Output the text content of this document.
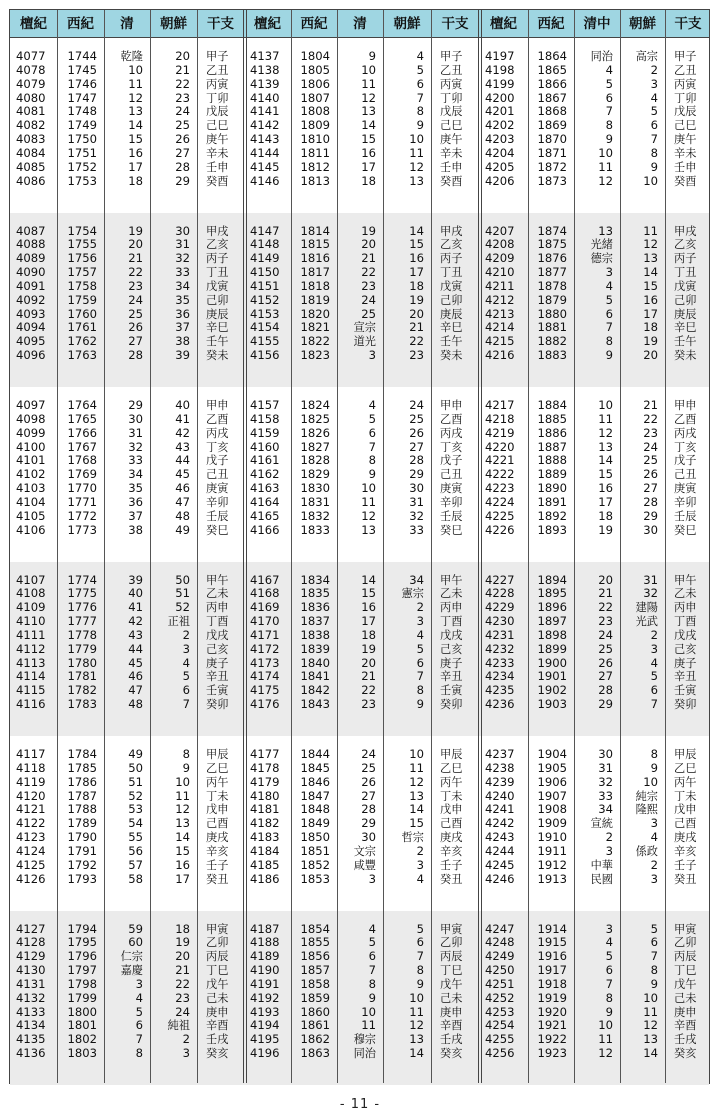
檀紀	西紀	清	朝鮮	干支	檀紀	西紀	清	朝鮮	干支	檀紀	西紀	清中	朝鮮	干支
4077	1744	乾隆	20 甲子
4078	1745	10	21 乙丑
4079	1746	11	22 丙寅
4080	1747	12	23 丁卯
4081	1748	13	24 戊辰
4082	1749	14	25 己巳
4083	1750	15	26 庚午
4084	1751	16	27 辛未
4085	1752	17	28 壬申
4086	1753	18	29 癸酉
4087	1754	19	30 甲戌
4088	1755	20	31 乙亥
4089	1756	21	32 丙子
4090	1757	22	33 丁丑
4091	1758	23	34 戊寅
4092	1759	24	35 己卯
4093	1760	25	36 庚辰
4094	1761	26	37 辛巳
4095	1762	27	38 壬午
4096	1763	28	39 癸未
4097	1764	29	40 甲申
4098	1765	30	41 乙酉
4099	1766	31	42 丙戌
4100	1767	32	43 丁亥
4101	1768	33	44 戊子
4102	1769	34	45 己丑
4103	1770	35	46 庚寅
4104	1771	36	47 辛卯
4105	1772	37	48 壬辰
4106	1773	38	49 癸巳
4107	1774	39	50 甲午
4108	1775	40	51 乙未
4109	1776	41	52 丙申
4110	1777	42	正祖 丁酉
4111	1778	43	2 戊戌
4112	1779	44	3 己亥
4113	1780	45	4 庚子
4114	1781	46	5 辛丑
4115	1782	47	6 壬寅
4116	1783	48	7 癸卯
4117	1784	49	8 甲辰
4118	1785	50	9 乙巳
4119	1786	51	10 丙午
4120	1787	52	11 丁未
4121	1788	53	12 戊申
4122	1789	54	13 己酉
4123	1790	55	14 庚戌
4124	1791	56	15 辛亥
4125	1792	57	16 壬子
4126	1793	58	17 癸丑
4127	1794	59	18 甲寅
4128	1795	60	19 乙卯
4129	1796	仁宗	20 丙辰
4130	1797	嘉慶	21 丁巳
4131	1798	3	22 戊午
4132	1799	4	23 己未
4133	1800	5	24 庚申
4134	1801	6	純祖 辛酉
4135	1802	7	2 壬戌
4136	1803	8	3 癸亥
4137	1804	9	4 甲子
4138	1805	10	5 乙丑
4139	1806	11	6 丙寅
4140	1807	12	7 丁卯
4141	1808	13	8 戊辰
4142	1809	14	9 己巳
4143	1810	15	10 庚午
4144	1811	16	11 辛未
4145	1812	17	12 壬申
4146	1813	18	13 癸酉
4147	1814	19	14 甲戌
4148	1815	20	15 乙亥
4149	1816	21	16 丙子
4150	1817	22	17 丁丑
4151	1818	23	18 戊寅
4152	1819	24	19 己卯
4153	1820	25	20 庚辰
4154	1821	宣宗	21 辛巳
4155	1822	道光	22 壬午
4156	1823	3	23 癸未
4157	1824	4	24 甲申
4158	1825	5	25 乙酉
4159	1826	6	26 丙戌
4160	1827	7	27 丁亥
4161	1828	8	28 戊子
4162	1829	9	29 己丑
4163	1830	10	30 庚寅
4164	1831	11	31 辛卯
4165	1832	12	32 壬辰
4166	1833	13	33 癸巳
4167	1834	14	34 甲午
4168	1835	15	憲宗 乙未
4169	1836	16	2 丙申
4170	1837	17	3 丁酉
4171	1838	18	4 戊戌
4172	1839	19	5 己亥
4173	1840	20	6 庚子
4174	1841	21	7 辛丑
4175	1842	22	8 壬寅
4176	1843	23	9 癸卯
4177	1844	24	10 甲辰
4178	1845	25	11 乙巳
4179	1846	26	12 丙午
4180	1847	27	13 丁未
4181	1848	28	14 戊申
4182	1849	29	15 己酉
4183	1850	30	哲宗 庚戌
4184	1851	文宗	2 辛亥
4185	1852	咸豐	3 壬子
4186	1853	3	4 癸丑
4187	1854	4	5 甲寅
4188	1855	5	6 乙卯
4189	1856	6	7 丙辰
4190	1857	7	8 丁巳
4191	1858	8	9 戊午
4192	1859	9	10 己未
4193	1860	10	11 庚申
4194	1861	11	12 辛酉
4195	1862	穆宗	13 壬戌
4196	1863	同治	14 癸亥
4197	1864	同治	高宗 甲子
4198	1865	4	2 乙丑
4199	1866	5	3 丙寅
4200	1867	6	4 丁卯
4201	1868	7	5 戊辰
4202	1869	8	6 己巳
4203	1870	9	7 庚午
4204	1871	10	8 辛未
4205	1872	11	9 壬申
4206	1873	12	10 癸酉
4207	1874	13	11 甲戌
4208	1875	光緒	12 乙亥
4209	1876	德宗	13 丙子
4210	1877	3	14 丁丑
4211	1878	4	15 戊寅
4212	1879	5	16 己卯
4213	1880	6	17 庚辰
4214	1881	7	18 辛巳
4215	1882	8	19 壬午
4216	1883	9	20 癸未
4217	1884	10	21 甲申
4218	1885	11	22 乙酉
4219	1886	12	23 丙戌
4220	1887	13	24 丁亥
4221	1888	14	25 戊子
4222	1889	15	26 己丑
4223	1890	16	27 庚寅
4224	1891	17	28 辛卯
4225	1892	18	29 壬辰
4226	1893	19	30 癸巳
4227	1894	20	31 甲午
4228	1895	21	32 乙未
4229	1896	22	建陽 丙申
4230	1897	23	光武 丁酉
4231	1898	24	2 戊戌
4232	1899	25	3 己亥
4233	1900	26	4 庚子
4234	1901	27	5 辛丑
4235	1902	28	6 壬寅
4236	1903	29	7 癸卯
4237	1904	30	8 甲辰
4238	1905	31	9 乙巳
4239	1906	32	10 丙午
4240	1907	33	純宗 丁未
4241	1908	34	隆熙 戊申
4242	1909	宣統	3 己酉
4243	1910	2	4 庚戌
4244	1911	3	係政 辛亥
4245	1912	中華	2 壬子
4246	1913	民國	3 癸丑
4247	1914	3	5 甲寅
4248	1915	4	6 乙卯
4249	1916	5	7 丙辰
4250	1917	6	8 丁巳
4251	1918	7	9 戊午
4252	1919	8	10 己未
4253	1920	9	11 庚申
4254	1921	10	12 辛酉
4255	1922	11	13 壬戌
4256	1923	12	14 癸亥
- 11 -
